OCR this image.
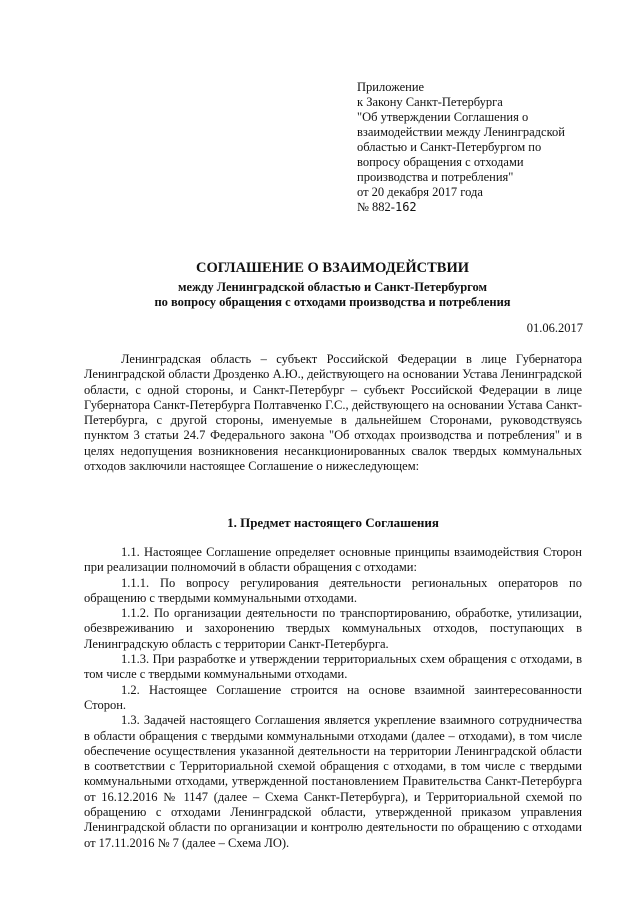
Приложение
к Закону Санкт-Петербурга
"Об утверждении Соглашения о
взаимодействии между Ленинградской
областью и Санкт-Петербургом по
вопросу обращения с отходами
производства и потребления"
от 20 декабря 2017 года
№ 882-162
СОГЛАШЕНИЕ О ВЗАИМОДЕЙСТВИИ
между Ленинградской областью и Санкт-Петербургом
по вопросу обращения с отходами производства и потребления
01.06.2017

Ленинградская область – субъект Российской Федерации в лице Губернатора Ленинградской области Дрозденко А.Ю., действующего на основании Устава Ленинградской области, с одной стороны, и Санкт-Петербург – субъект Российской Федерации в лице Губернатора Санкт-Петербурга Полтавченко Г.С., действующего на основании Устава Санкт-Петербурга, с другой стороны, именуемые в дальнейшем Сторонами, руководствуясь пунктом 3 статьи 24.7 Федерального закона "Об отходах производства и потребления" и в целях недопущения возникновения несанкционированных свалок твердых коммунальных отходов заключили настоящее Соглашение о нижеследующем:

1. Предмет настоящего Соглашения

1.1. Настоящее Соглашение определяет основные принципы взаимодействия Сторон при реализации полномочий в области обращения с отходами:

1.1.1. По вопросу регулирования деятельности региональных операторов по обращению с твердыми коммунальными отходами.

1.1.2. По организации деятельности по транспортированию, обработке, утилизации, обезвреживанию и захоронению твердых коммунальных отходов, поступающих в Ленинградскую область с территории Санкт-Петербурга.

1.1.3. При разработке и утверждении территориальных схем обращения с отходами, в том числе с твердыми коммунальными отходами.

1.2. Настоящее Соглашение строится на основе взаимной заинтересованности Сторон.

1.3. Задачей настоящего Соглашения является укрепление взаимного сотрудничества в области обращения с твердыми коммунальными отходами (далее – отходами), в том числе обеспечение осуществления указанной деятельности на территории Ленинградской области в соответствии с Территориальной схемой обращения с отходами, в том числе с твердыми коммунальными отходами, утвержденной постановлением Правительства Санкт-Петербурга от 16.12.2016 № 1147 (далее – Схема Санкт-Петербурга), и Территориальной схемой по обращению с отходами Ленинградской области, утвержденной приказом управления Ленинградской области по организации и контролю деятельности по обращению с отходами от 17.11.2016 № 7 (далее – Схема ЛО).
